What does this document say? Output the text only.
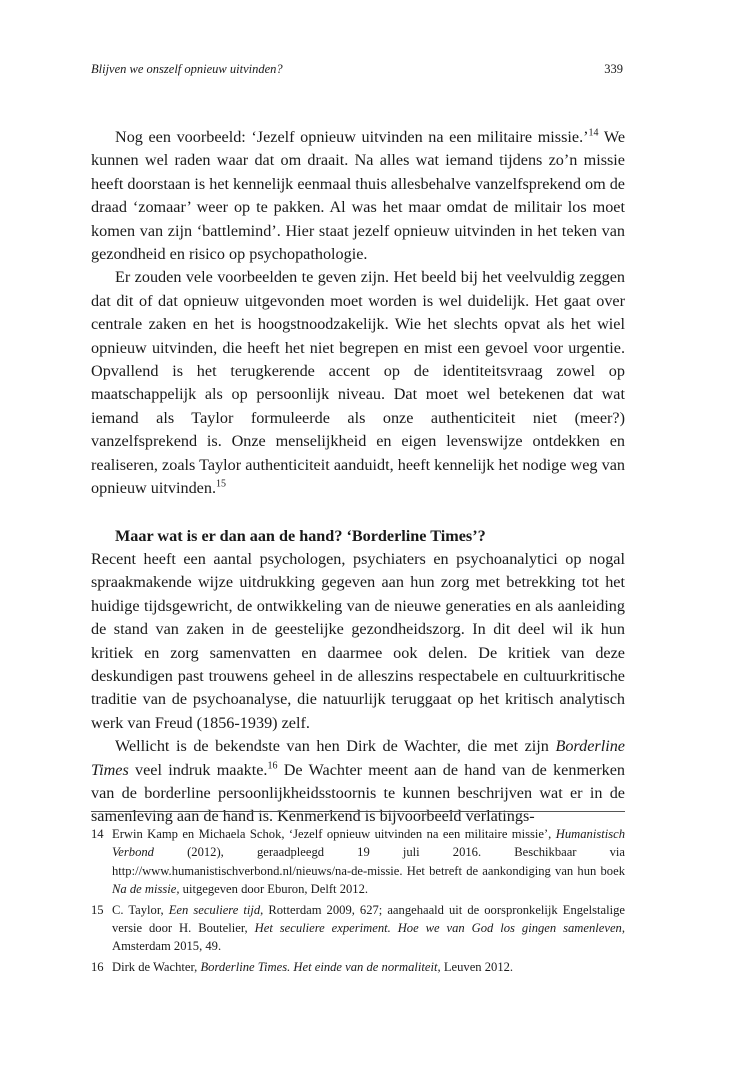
Blijven we onszelf opnieuw uitvinden?	339

Nog een voorbeeld: ‘Jezelf opnieuw uitvinden na een militaire missie.’$^{14}$ We kunnen wel raden waar dat om draait. Na alles wat iemand tijdens zo’n missie heeft doorstaan is het kennelijk eenmaal thuis allesbehalve vanzelfsprekend om de draad ‘zomaar’ weer op te pakken. Al was het maar omdat de militair los moet komen van zijn ‘battlemind’. Hier staat jezelf opnieuw uitvinden in het teken van gezondheid en risico op psychopathologie.

Er zouden vele voorbeelden te geven zijn. Het beeld bij het veelvuldig zeggen dat dit of dat opnieuw uitgevonden moet worden is wel duidelijk. Het gaat over centrale zaken en het is hoogstnoodzakelijk. Wie het slechts opvat als het wiel opnieuw uitvinden, die heeft het niet begrepen en mist een gevoel voor urgentie. Opvallend is het terugkerende accent op de identiteitsvraag zowel op maatschappelijk als op persoonlijk niveau. Dat moet wel betekenen dat wat iemand als Taylor formuleerde als onze authenticiteit niet (meer?) vanzelfsprekend is. Onze menselijkheid en eigen levenswijze ontdekken en realiseren, zoals Taylor authenticiteit aanduidt, heeft kennelijk het nodige weg van opnieuw uitvinden.$^{15}$

Maar wat is er dan aan de hand? ‘Borderline Times’?

Recent heeft een aantal psychologen, psychiaters en psychoanalytici op nogal spraakmakende wijze uitdrukking gegeven aan hun zorg met betrekking tot het huidige tijdsgewricht, de ontwikkeling van de nieuwe generaties en als aanleiding de stand van zaken in de geestelijke gezondheidszorg. In dit deel wil ik hun kritiek en zorg samenvatten en daarmee ook delen. De kritiek van deze deskundigen past trouwens geheel in de alleszins respectabele en cultuurkritische traditie van de psychoanalyse, die natuurlijk teruggaat op het kritisch analytisch werk van Freud (1856-1939) zelf.

Wellicht is de bekendste van hen Dirk de Wachter, die met zijn Borderline Times veel indruk maakte.$^{16}$ De Wachter meent aan de hand van de kenmerken van de borderline persoonlijkheidsstoornis te kunnen beschrijven wat er in de samenleving aan de hand is. Kenmerkend is bijvoorbeeld verlatings-

14 Erwin Kamp en Michaela Schok, ‘Jezelf opnieuw uitvinden na een militaire missie’, Humanistisch Verbond (2012), geraadpleegd 19 juli 2016. Beschikbaar via http://www.humanistischverbond.nl/nieuws/na-de-missie. Het betreft de aankondiging van hun boek Na de missie, uitgegeven door Eburon, Delft 2012.
15 C. Taylor, Een seculiere tijd, Rotterdam 2009, 627; aangehaald uit de oorspronkelijk Engelstalige versie door H. Boutelier, Het seculiere experiment. Hoe we van God los gingen samenleven, Amsterdam 2015, 49.
16 Dirk de Wachter, Borderline Times. Het einde van de normaliteit, Leuven 2012.
